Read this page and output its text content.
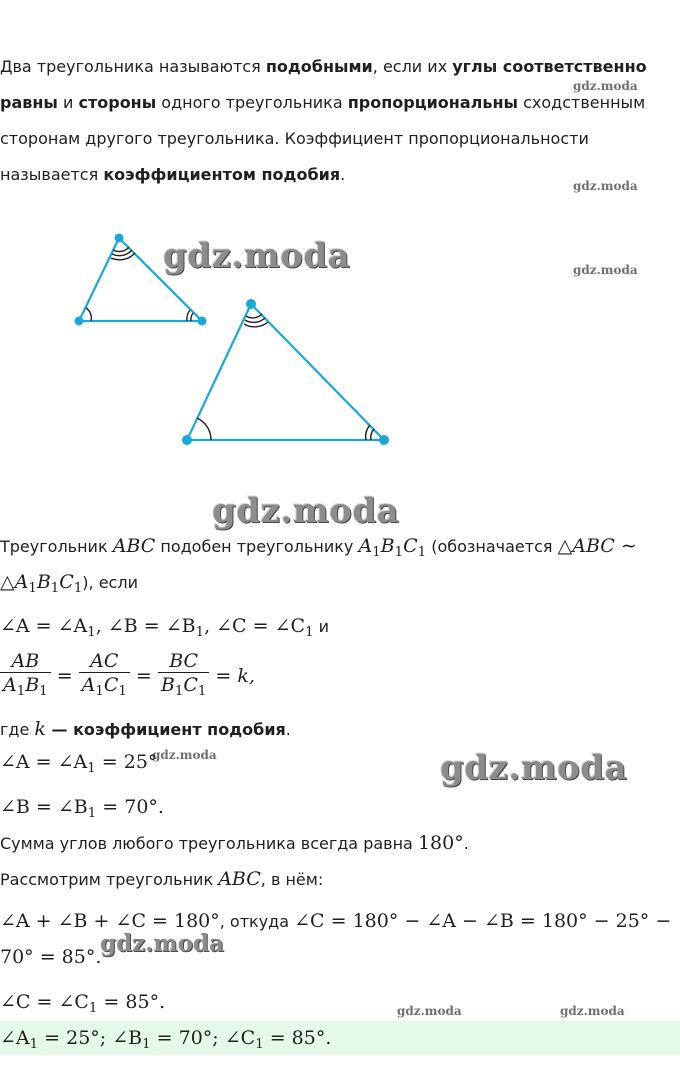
Два треугольника называются подобными, если их углы соответственно
равны и стороны одного треугольника пропорциональны сходственным
сторонам другого треугольника. Коэффициент пропорциональности
называется коэффициентом подобия.
gdz.moda
gdz.moda
gdz.moda
gdz.moda
gdz.moda
gdz.moda
gdz.moda
gdz.moda
gdz.moda	gdz.moda
Треугольник ABC подобен треугольнику $A_1B_1C_1$ (обозначается △ABC ∼
$\triangle A_1B_1C_1$), если
∠A = $\angle A_1$, ∠B = $\angle B_1$, ∠C = $\angle C_1$ и
$\frac{AB}{A_1B_1} = \frac{AC}{A_1C_1} = \frac{BC}{B_1C_1} = k$,
где k — коэффициент подобия.
∠A = $\angle A_1 = 25^\circ$
∠B = $\angle B_1 = 70^\circ$.
Сумма углов любого треугольника всегда равна 180°.
Рассмотрим треугольник ABC, в нём:
∠A + ∠B + ∠C = 180°, откуда ∠C = 180° − ∠A − ∠B = 180° − 25° −
70° = 85°.
∠C = $\angle C_1 = 85^\circ$.
$\angle A_1 = 25^\circ$; $\angle B_1 = 70^\circ$; $\angle C_1 = 85^\circ$.
